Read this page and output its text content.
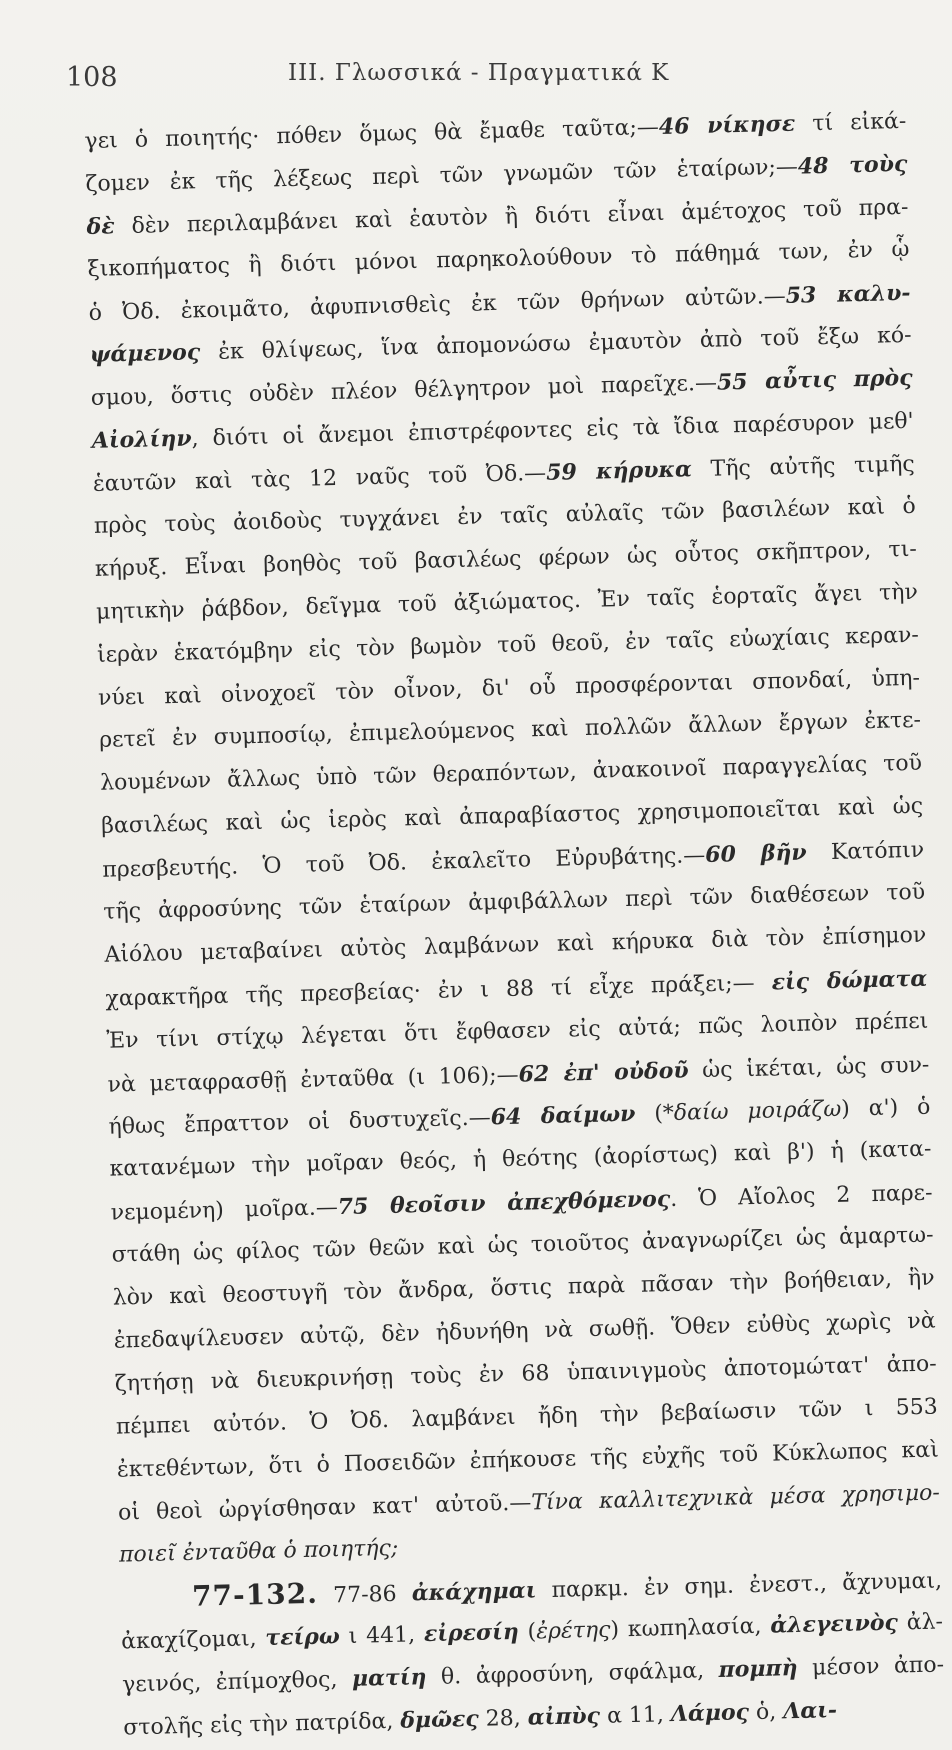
108	ΙΙΙ. Γλωσσικά - Πραγματικά Κ
γει ὁ ποιητής· πόθεν ὅμως θὰ ἔμαθε ταῦτα;—46 νίκησε τί εἰκά-
ζομεν ἐκ τῆς λέξεως περὶ τῶν γνωμῶν τῶν ἑταίρων;—48 τοὺς
δὲ δὲν περιλαμβάνει καὶ ἑαυτὸν ἢ διότι εἶναι ἀμέτοχος τοῦ πρα-
ξικοπήματος ἢ διότι μόνοι παρηκολούθουν τὸ πάθημά των, ἐν ᾧ
ὁ Ὀδ. ἐκοιμᾶτο, ἀφυπνισθεὶς ἐκ τῶν θρήνων αὐτῶν.—53 καλυ-
ψάμενος ἐκ θλίψεως, ἵνα ἀπομονώσω ἐμαυτὸν ἀπὸ τοῦ ἔξω κό-
σμου, ὅστις οὐδὲν πλέον θέλγητρον μοὶ παρεῖχε.—55 αὖτις πρὸς
Αἰολίην, διότι οἱ ἄνεμοι ἐπιστρέφοντες εἰς τὰ ἴδια παρέσυρον μεθ'
ἑαυτῶν καὶ τὰς 12 ναῦς τοῦ Ὀδ.—59 κήρυκα Τῆς αὐτῆς τιμῆς
πρὸς τοὺς ἀοιδοὺς τυγχάνει ἐν ταῖς αὐλαῖς τῶν βασιλέων καὶ ὁ
κήρυξ. Εἶναι βοηθὸς τοῦ βασιλέως φέρων ὡς οὗτος σκῆπτρον, τι-
μητικὴν ῥάβδον, δεῖγμα τοῦ ἀξιώματος. Ἐν ταῖς ἑορταῖς ἄγει τὴν
ἱερὰν ἑκατόμβην εἰς τὸν βωμὸν τοῦ θεοῦ, ἐν ταῖς εὐωχίαις κεραν-
νύει καὶ οἰνοχοεῖ τὸν οἶνον, δι' οὗ προσφέρονται σπονδαί, ὑπη-
ρετεῖ ἐν συμποσίῳ, ἐπιμελούμενος καὶ πολλῶν ἄλλων ἔργων ἐκτε-
λουμένων ἄλλως ὑπὸ τῶν θεραπόντων, ἀνακοινοῖ παραγγελίας τοῦ
βασιλέως καὶ ὡς ἱερὸς καὶ ἀπαραβίαστος χρησιμοποιεῖται καὶ ὡς
πρεσβευτής. Ὁ τοῦ Ὀδ. ἐκαλεῖτο Εὐρυβάτης.—60 βῆν Κατόπιν
τῆς ἀφροσύνης τῶν ἑταίρων ἀμφιβάλλων περὶ τῶν διαθέσεων τοῦ
Αἰόλου μεταβαίνει αὐτὸς λαμβάνων καὶ κήρυκα διὰ τὸν ἐπίσημον
χαρακτῆρα τῆς πρεσβείας· ἐν ι 88 τί εἶχε πράξει;— εἰς δώματα
Ἐν τίνι στίχῳ λέγεται ὅτι ἔφθασεν εἰς αὐτά; πῶς λοιπὸν πρέπει
νὰ μεταφρασθῇ ἐνταῦθα (ι 106);—62 ἐπ' οὐδοῦ ὡς ἱκέται, ὡς συν-
ήθως ἔπραττον οἱ δυστυχεῖς.—64 δαίμων (*δαίω μοιράζω) α') ὁ
κατανέμων τὴν μοῖραν θεός, ἡ θεότης (ἀορίστως) καὶ β') ἡ (κατα-
νεμομένη) μοῖρα.—75 θεοῖσιν ἀπεχθόμενος. Ὁ Αἴολος 2 παρε-
στάθη ὡς φίλος τῶν θεῶν καὶ ὡς τοιοῦτος ἀναγνωρίζει ὡς ἁμαρτω-
λὸν καὶ θεοστυγῆ τὸν ἄνδρα, ὅστις παρὰ πᾶσαν τὴν βοήθειαν, ἣν
ἐπεδαψίλευσεν αὐτῷ, δὲν ἠδυνήθη νὰ σωθῇ. Ὅθεν εὐθὺς χωρὶς νὰ
ζητήσῃ νὰ διευκρινήσῃ τοὺς ἐν 68 ὑπαινιγμοὺς ἀποτομώτατ' ἀπο-
πέμπει αὐτόν. Ὁ Ὀδ. λαμβάνει ἤδη τὴν βεβαίωσιν τῶν ι 553
ἐκτεθέντων, ὅτι ὁ Ποσειδῶν ἐπήκουσε τῆς εὐχῆς τοῦ Κύκλωπος καὶ
οἱ θεοὶ ὠργίσθησαν κατ' αὐτοῦ.—Τίνα καλλιτεχνικὰ μέσα χρησιμο-
ποιεῖ ἐνταῦθα ὁ ποιητής;
77-132. 77-86 ἀκάχημαι παρκμ. ἐν σημ. ἐνεστ., ἄχνυμαι,
ἀκαχίζομαι, τείρω ι 441, εἰρεσίη (ἐρέτης) κωπηλασία, ἀλεγεινὸς ἀλ-
γεινός, ἐπίμοχθος, ματίη θ. ἀφροσύνη, σφάλμα, πομπὴ μέσον ἀπο-
στολῆς εἰς τὴν πατρίδα, δμῶες 28, αἰπὺς α 11, Λάμος ὁ, Λαι-
